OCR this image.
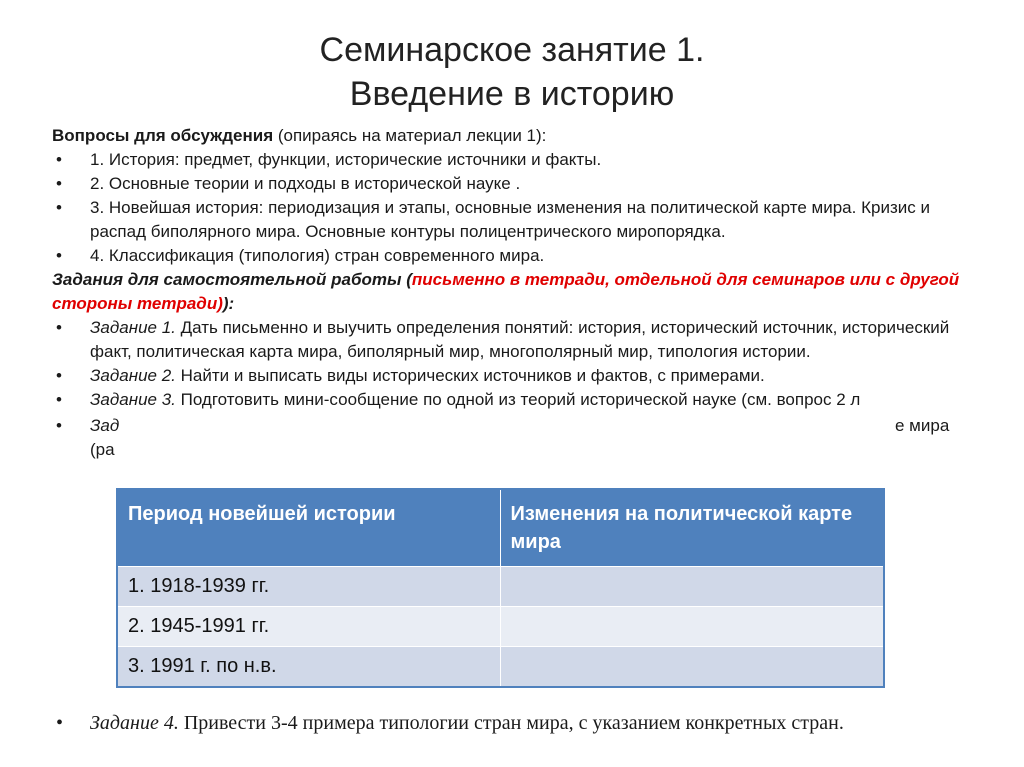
Семинарское занятие 1.
Введение в историю

Вопросы для обсуждения (опираясь на материал лекции 1):

• 1. История: предмет, функции, исторические источники и факты.
• 2. Основные теории и подходы в исторической науке .
• 3. Новейшая история: периодизация и этапы, основные изменения на политической карте мира. Кризис и распад биполярного мира. Основные контуры полицентрического миропорядка.
• 4. Классификация (типология) стран современного мира.

Задания для самостоятельной работы (письменно в тетради, отдельной для семинаров или с другой стороны тетради)):

• Задание 1. Дать письменно и выучить определения понятий: история, исторический источник, исторический факт, политическая карта мира, биполярный мир, многополярный мир, типология истории.
• Задание 2. Найти и выписать виды исторических источников и фактов, с примерами.
• Задание 3. Подготовить мини-сообщение по одной из теорий исторической науке (см. вопрос 2 л
• Зад	е мира
(ра
Период новейшей истории	Изменения на политической карте мира
1. 1918-1939 гг.	
2. 1945-1991 гг.	
3. 1991 г. по н.в.	
•	Задание 4. Привести 3-4 примера типологии стран мира, с указанием конкретных стран.
